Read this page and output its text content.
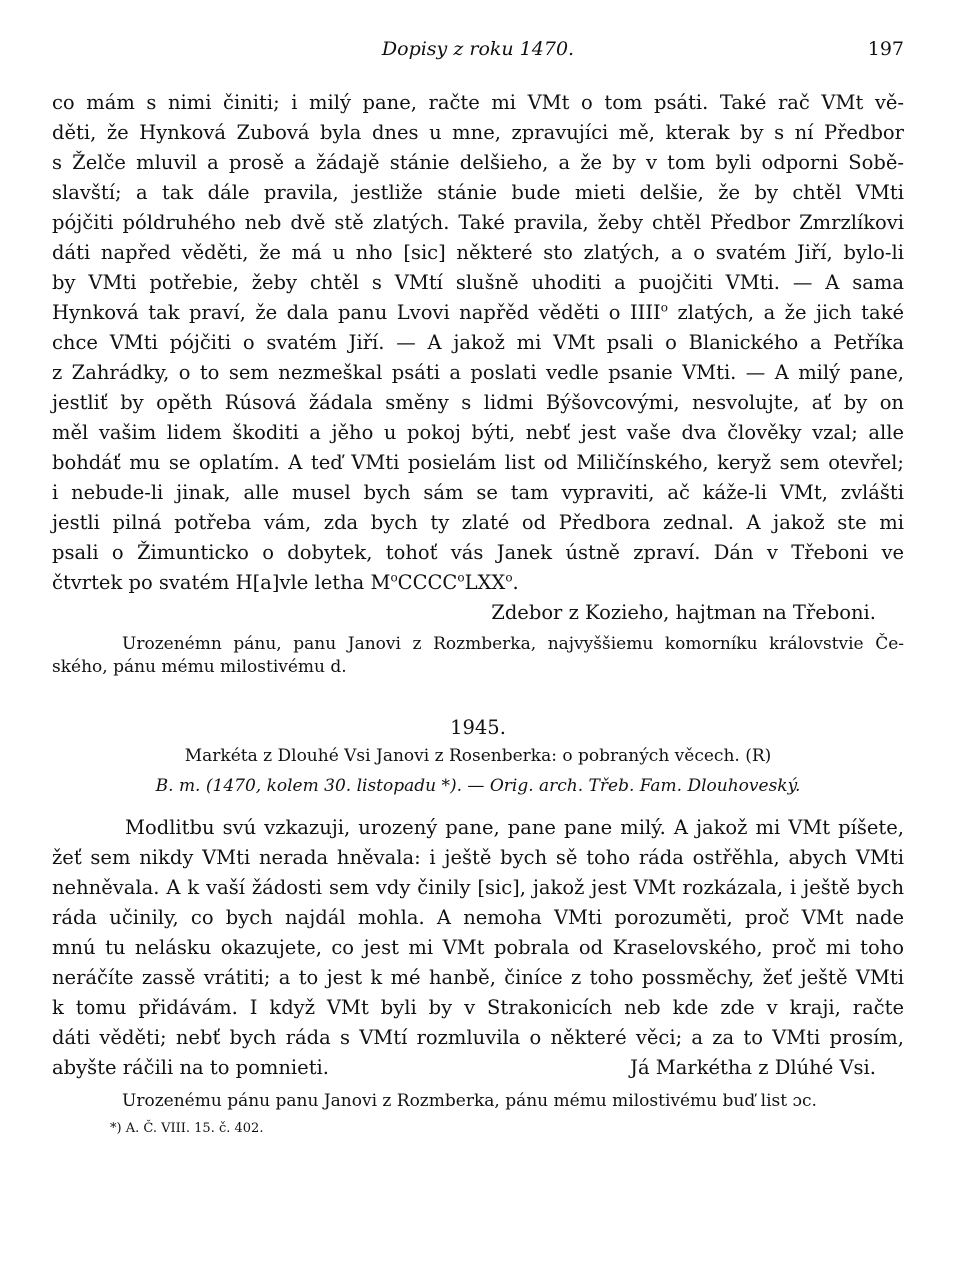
Dopisy z roku 1470.	197
co mám s nimi činiti; i milý pane, račte mi VMt o tom psáti. Také rač VMt vě-
děti, že Hynková Zubová byla dnes u mne, zpravujíci mě, kterak by s ní Předbor
s Želče mluvil a prosě a žádajě stánie delšieho, a že by v tom byli odporni Sobě-
slavští; a tak dále pravila, jestliže stánie bude mieti delšie, že by chtěl VMti
pójčiti póldruhého neb dvě stě zlatých. Také pravila, žeby chtěl Předbor Zmrzlíkovi
dáti napřed věděti, že má u nho [sic] některé sto zlatých, a o svatém Jiří, bylo-li
by VMti potřebie, žeby chtěl s VMtí slušně uhoditi a puojčiti VMti. — A sama
Hynková tak praví, že dala panu Lvovi napřěd věděti o IIII$^o$ zlatých, a že jich také
chce VMti pójčiti o svatém Jiří. — A jakož mi VMt psali o Blanického a Petříka
z Zahrádky, o to sem nezmeškal psáti a poslati vedle psanie VMti. — A milý pane,
jestliť by opěth Rúsová žádala směny s lidmi Býšovcovými, nesvolujte, ať by on
měl vašim lidem škoditi a jěho u pokoj býti, nebť jest vaše dva člověky vzal; alle
bohdáť mu se oplatím. A teď VMti posielám list od Miličínského, keryž sem otevřel;
i nebude-li jinak, alle musel bych sám se tam vypraviti, ač káže-li VMt, zvlášti
jestli pilná potřeba vám, zda bych ty zlaté od Předbora zednal. A jakož ste mi
psali o Žimunticko o dobytek, tohoť vás Janek ústně zpraví. Dán v Třeboni ve
čtvrtek po svatém H[a]vle letha $M^oCCCC^oLXX^o$.
Zdebor z Kozieho, hajtman na Třeboni.
Urozenémn pánu, panu Janovi z Rozmberka, najvyššiemu komorníku královstvie Če-
ského, pánu mému milostivému d.
1945.
Markéta z Dlouhé Vsi Janovi z Rosenberka: o pobraných věcech. (R)
B. m. (1470, kolem 30. listopadu *). — Orig. arch. Třeb. Fam. Dlouhoveský.
Modlitbu svú vzkazuji, urozený pane, pane pane milý. A jakož mi VMt píšete,
žeť sem nikdy VMti nerada hněvala: i ještě bych sě toho ráda ostřěhla, abych VMti
nehněvala. A k vaší žádosti sem vdy činily [sic], jakož jest VMt rozkázala, i ještě bych
ráda učinily, co bych najdál mohla. A nemoha VMti porozuměti, proč VMt nade
mnú tu nelásku okazujete, co jest mi VMt pobrala od Kraselovského, proč mi toho
neráčíte zassě vrátiti; a to jest k mé hanbě, činíce z toho possměchy, žeť ještě VMti
k tomu přidávám. I když VMt byli by v Strakonicích neb kde zde v kraji, račte
dáti věděti; nebť bych ráda s VMtí rozmluvila o některé věci; a za to VMti prosím,
abyšte ráčili na to pomnieti.	Já Markétha z Dlúhé Vsi.
Urozenému pánu panu Janovi z Rozmberka, pánu mému milostivému buď list ɔc.
*) A. Č. VIII. 15. č. 402.
